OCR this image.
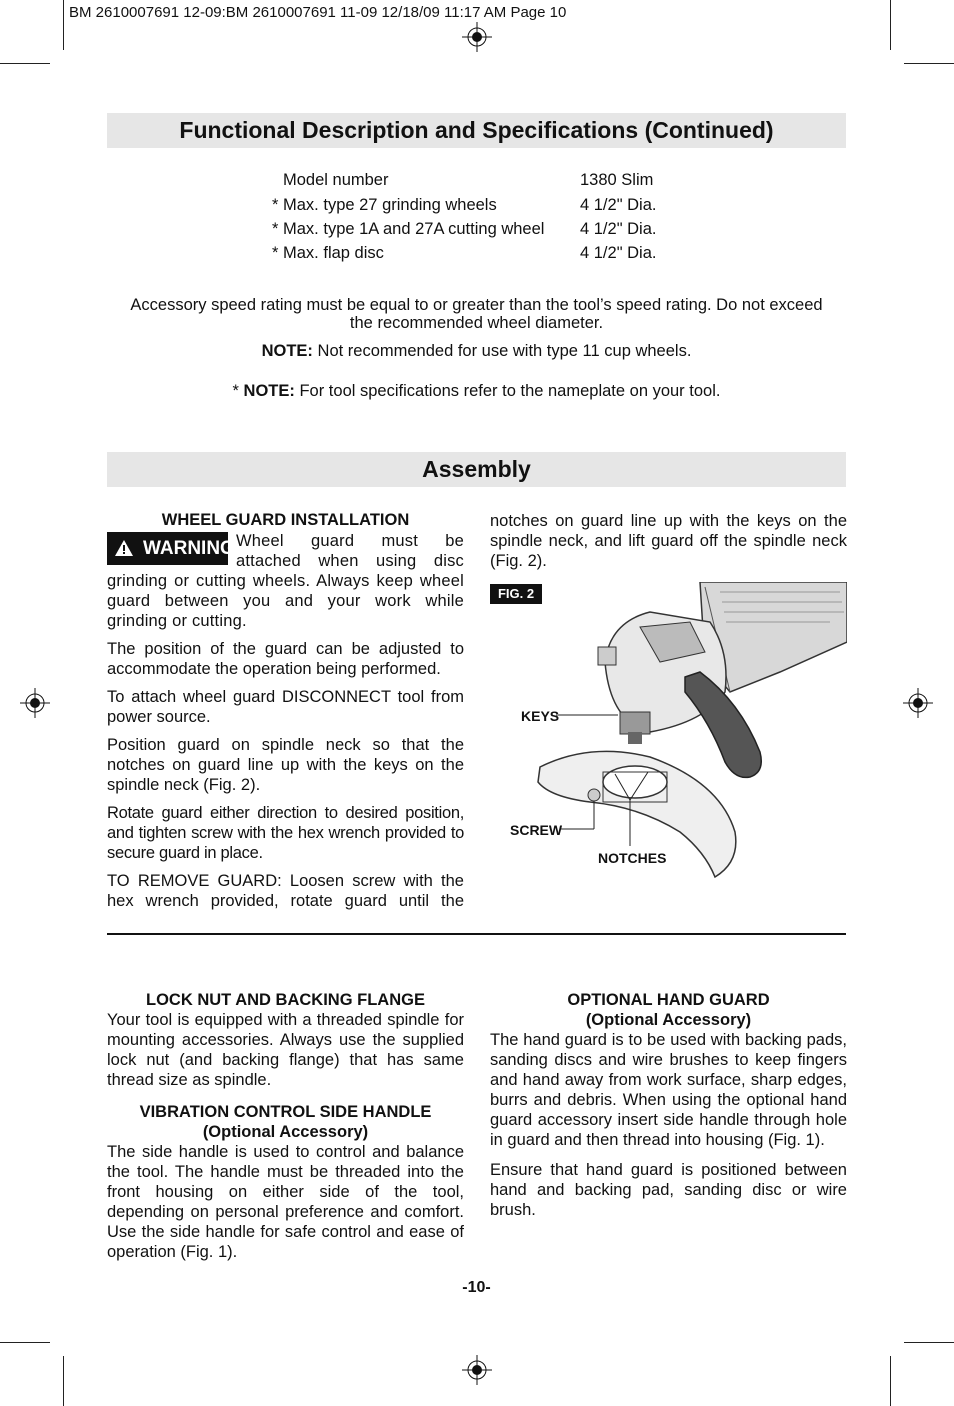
BM 2610007691 12-09:BM 2610007691 11-09 12/18/09 11:17 AM Page 10
Functional Description and Specifications (Continued)
Model number	1380 Slim
* Max. type 27 grinding wheels	4 1/2" Dia.
* Max. type 1A and 27A cutting wheel 4 1/2" Dia.
* Max. flap disc	4 1/2" Dia.
Accessory speed rating must be equal to or greater than the tool’s speed rating. Do not exceed the recommended wheel diameter.
NOTE: Not recommended for use with type 11 cup wheels.
* NOTE: For tool specifications refer to the nameplate on your tool.
Assembly
WHEEL GUARD INSTALLATION
WARNING Wheel guard must be attached when using disc grinding or cutting wheels. Always keep wheel guard between you and your work while grinding or cutting.

The position of the guard can be adjusted to accommodate the operation being performed.

To attach wheel guard DISCONNECT tool from power source.

Position guard on spindle neck so that the notches on guard line up with the keys on the spindle neck (Fig. 2).

Rotate guard either direction to desired position, and tighten screw with the hex wrench provided to secure guard in place.

TO REMOVE GUARD: Loosen screw with the hex wrench provided, rotate guard until the

notches on guard line up with the keys on the spindle neck, and lift guard off the spindle neck (Fig. 2).

FIG. 2
KEYS
SCREW
NOTCHES
LOCK NUT AND BACKING FLANGE

Your tool is equipped with a threaded spindle for mounting accessories. Always use the supplied lock nut (and backing flange) that has same thread size as spindle.

VIBRATION CONTROL SIDE HANDLE
(Optional Accessory)

The side handle is used to control and balance the tool. The handle must be threaded into the front housing on either side of the tool, depending on personal preference and comfort. Use the side handle for safe control and ease of operation (Fig. 1).

OPTIONAL HAND GUARD
(Optional Accessory)

The hand guard is to be used with backing pads, sanding discs and wire brushes to keep fingers and hand away from work surface, sharp edges, burrs and debris. When using the optional hand guard accessory insert side handle through hole in guard and then thread into housing (Fig. 1).

Ensure that hand guard is positioned between hand and backing pad, sanding disc or wire brush.

-10-
